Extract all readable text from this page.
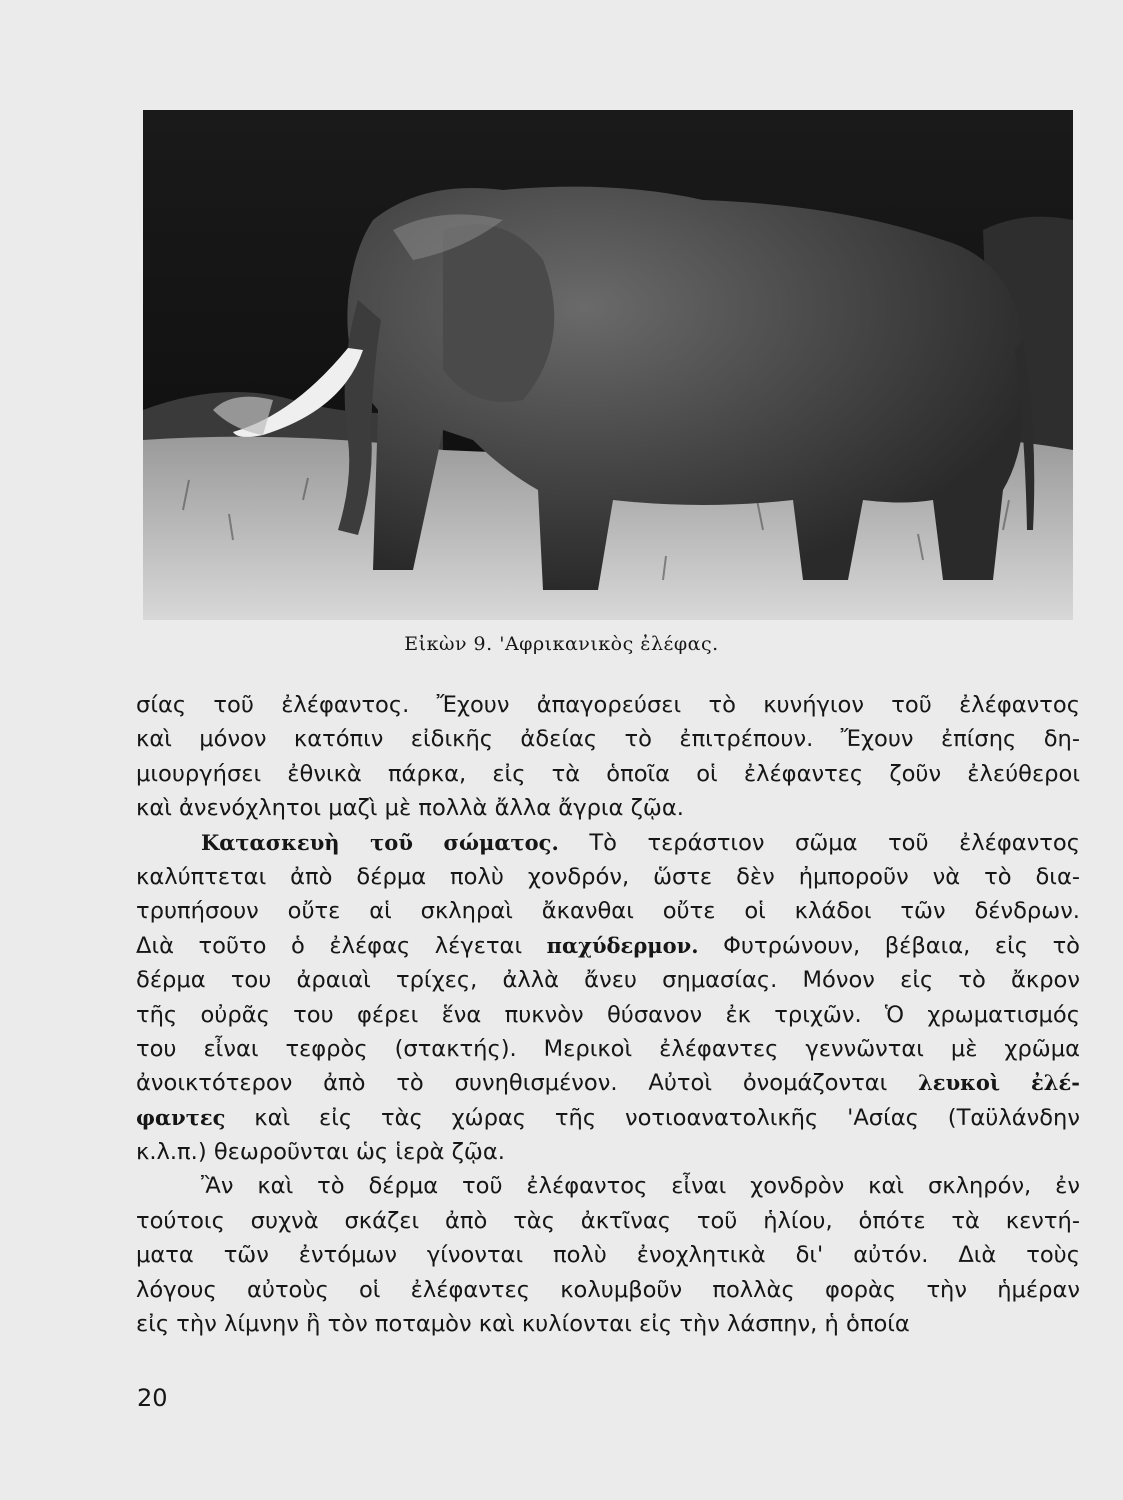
Εἰκὼν 9. 'Αφρικανικὸς ἐλέφας.
σίας τοῦ ἐλέφαντος. Ἔχουν ἀπαγορεύσει τὸ κυνήγιον τοῦ ἐλέφαντος
καὶ μόνον κατόπιν εἰδικῆς ἀδείας τὸ ἐπιτρέπουν. Ἔχουν ἐπίσης δη-
μιουργήσει ἐθνικὰ πάρκα, εἰς τὰ ὁποῖα οἱ ἐλέφαντες ζοῦν ἐλεύθεροι
καὶ ἀνενόχλητοι μαζὶ μὲ πολλὰ ἄλλα ἄγρια ζῷα.
Κατασκευὴ τοῦ σώματος. Τὸ τεράστιον σῶμα τοῦ ἐλέφαντος
καλύπτεται ἀπὸ δέρμα πολὺ χονδρόν, ὥστε δὲν ἠμποροῦν νὰ τὸ δια-
τρυπήσουν οὔτε αἱ σκληραὶ ἄκανθαι οὔτε οἱ κλάδοι τῶν δένδρων.
Διὰ τοῦτο ὁ ἐλέφας λέγεται παχύδερμον. Φυτρώνουν, βέβαια, εἰς τὸ
δέρμα του ἀραιαὶ τρίχες, ἀλλὰ ἄνευ σημασίας. Μόνον εἰς τὸ ἄκρον
τῆς οὐρᾶς του φέρει ἕνα πυκνὸν θύσανον ἐκ τριχῶν. Ὁ χρωματισμός
του εἶναι τεφρὸς (στακτής). Μερικοὶ ἐλέφαντες γεννῶνται μὲ χρῶμα
ἀνοικτότερον ἀπὸ τὸ συνηθισμένον. Αὐτοὶ ὀνομάζονται λευκοὶ ἐλέ-
φαντες καὶ εἰς τὰς χώρας τῆς νοτιοανατολικῆς 'Ασίας (Ταϋλάνδην
κ.λ.π.) θεωροῦνται ὡς ἱερὰ ζῷα.
Ἂν καὶ τὸ δέρμα τοῦ ἐλέφαντος εἶναι χονδρὸν καὶ σκληρόν, ἐν
τούτοις συχνὰ σκάζει ἀπὸ τὰς ἀκτῖνας τοῦ ἡλίου, ὁπότε τὰ κεντή-
ματα τῶν ἐντόμων γίνονται πολὺ ἐνοχλητικὰ δι' αὐτόν. Διὰ τοὺς
λόγους αὐτοὺς οἱ ἐλέφαντες κολυμβοῦν πολλὰς φορὰς τὴν ἡμέραν
εἰς τὴν λίμνην ἢ τὸν ποταμὸν καὶ κυλίονται εἰς τὴν λάσπην, ἡ ὁποία
20
